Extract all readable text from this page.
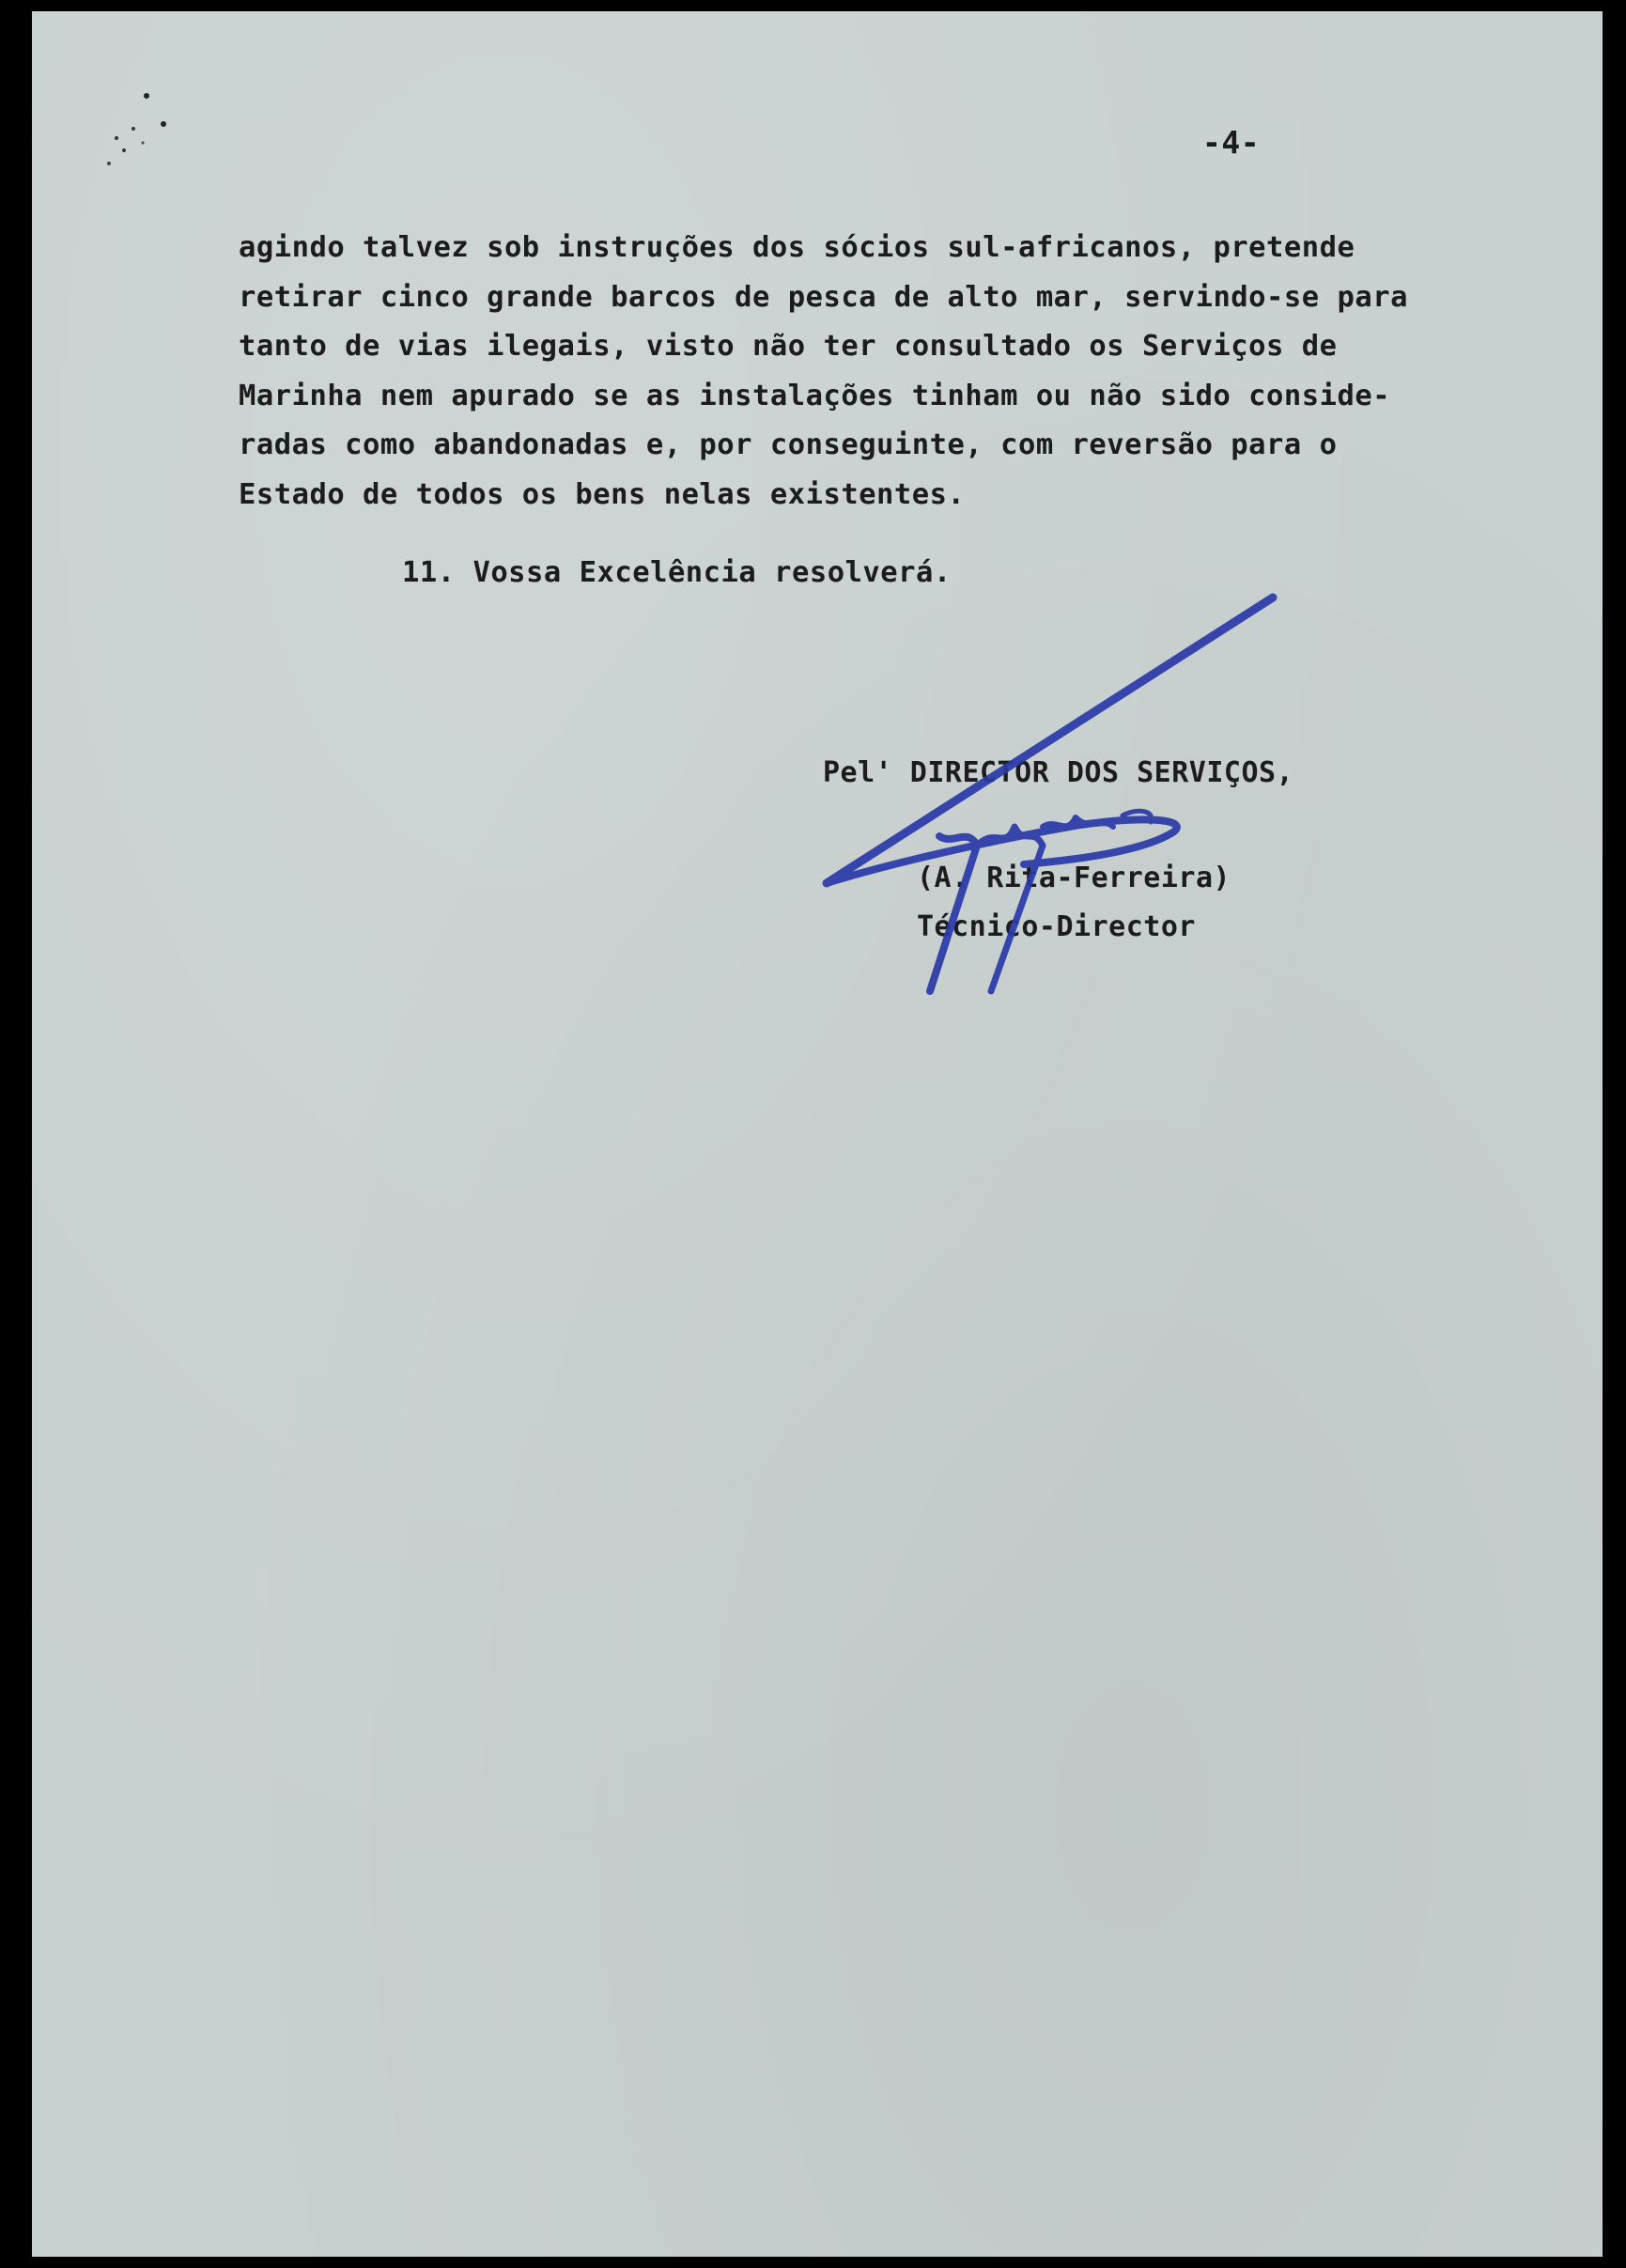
-4-
agindo talvez sob instruções dos sócios sul-africanos, pretende
retirar cinco grande barcos de pesca de alto mar, servindo-se para
tanto de vias ilegais, visto não ter consultado os Serviços de
Marinha nem apurado se as instalações tinham ou não sido conside-
radas como abandonadas e, por conseguinte, com reversão para o
Estado de todos os bens nelas existentes.
11. Vossa Excelência resolverá.
Pel' DIRECTOR DOS SERVIÇOS,
(A. Rita-Ferreira)
Técnico-Director
